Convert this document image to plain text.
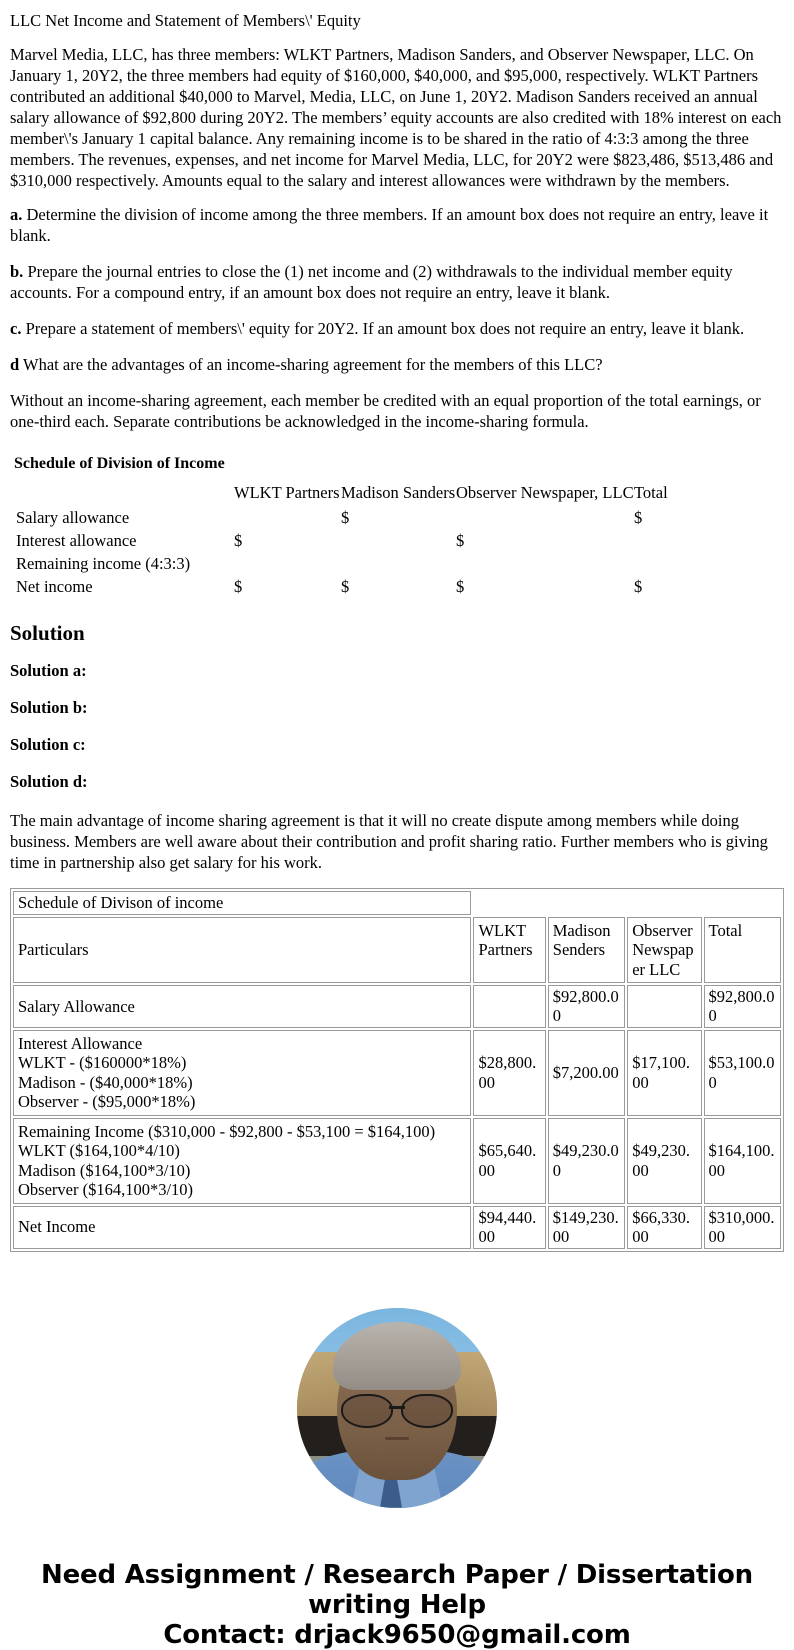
LLC Net Income and Statement of Members\' Equity

Marvel Media, LLC, has three members: WLKT Partners, Madison Sanders, and Observer Newspaper, LLC. On January 1, 20Y2, the three members had equity of $160,000, $40,000, and $95,000, respectively. WLKT Partners contributed an additional $40,000 to Marvel, Media, LLC, on June 1, 20Y2. Madison Sanders received an annual salary allowance of $92,800 during 20Y2. The members’ equity accounts are also credited with 18% interest on each member\'s January 1 capital balance. Any remaining income is to be shared in the ratio of 4:3:3 among the three members. The revenues, expenses, and net income for Marvel Media, LLC, for 20Y2 were $823,486, $513,486 and $310,000 respectively. Amounts equal to the salary and interest allowances were withdrawn by the members.

a. Determine the division of income among the three members. If an amount box does not require an entry, leave it blank.

b. Prepare the journal entries to close the (1) net income and (2) withdrawals to the individual member equity accounts. For a compound entry, if an amount box does not require an entry, leave it blank.

c. Prepare a statement of members\' equity for 20Y2. If an amount box does not require an entry, leave it blank.

d What are the advantages of an income-sharing agreement for the members of this LLC?

Without an income-sharing agreement, each member be credited with an equal proportion of the total earnings, or one-third each. Separate contributions be acknowledged in the income-sharing formula.

Schedule of Division of Income
	WLKT Partners	Madison Sanders	Observer Newspaper, LLC	Total
Salary allowance		$		$
Interest allowance	$		$	
Remaining income (4:3:3)				
Net income	$	$	$	$
Solution

Solution a:

Solution b:

Solution c:

Solution d:

The main advantage of income sharing agreement is that it will no create dispute among members while doing business. Members are well aware about their contribution and profit sharing ratio. Further members who is giving time in partnership also get salary for his work.

Schedule of Divison of income				
Particulars	WLKT Partners	Madison Senders	Observer Newspaper LLC	Total
Salary Allowance		$92,800.00		$92,800.00

Interest Allowance
WLKT - ($160000*18%)
Madison - ($40,000*18%)
Observer - ($95,000*18%)	$28,800.00	$7,200.00	$17,100.00	$53,100.00

Remaining Income ($310,000 - $92,800 - $53,100 = $164,100)
WLKT ($164,100*4/10)
Madison ($164,100*3/10)
Observer ($164,100*3/10)	$65,640.00	$49,230.00	$49,230.00	$164,100.00
Net Income	$94,440.00	$149,230.00	$66,330.00	$310,000.00
Need Assignment / Research Paper / Dissertation writing Help
Contact: drjack9650@gmail.com
